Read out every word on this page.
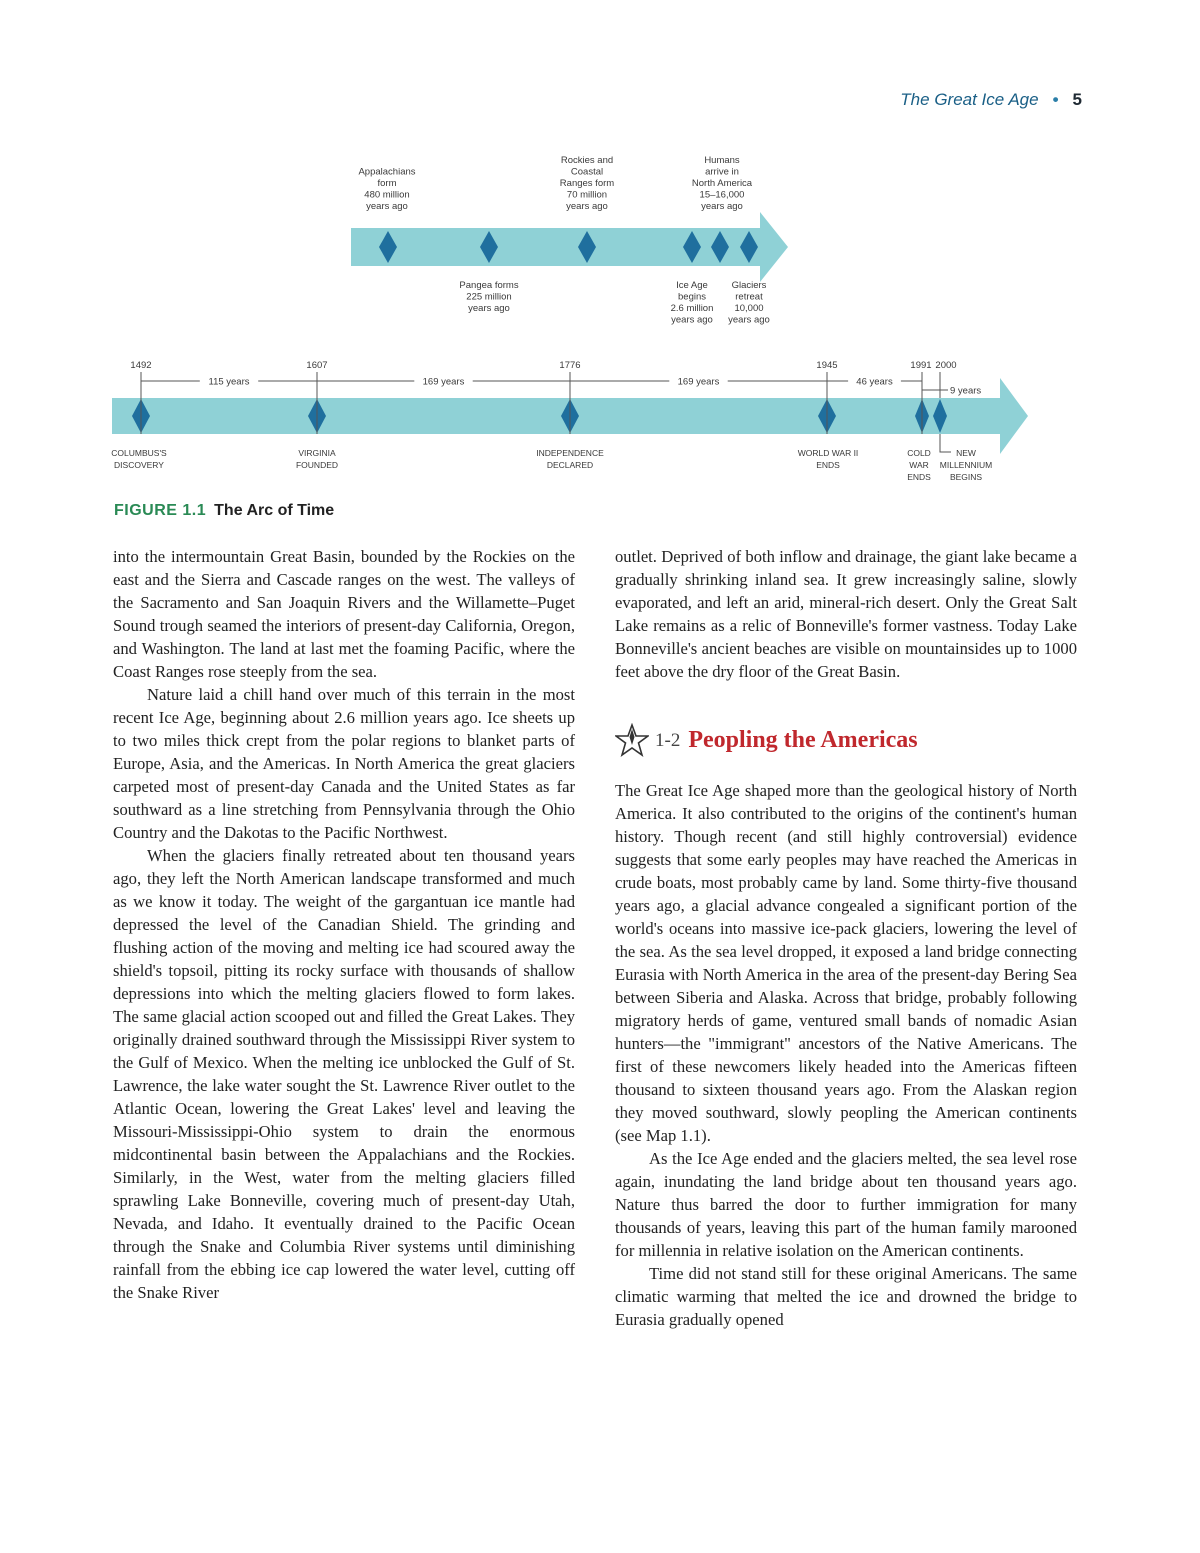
The Great Ice Age • 5
Appalachians form 480 million years ago
Rockies and Coastal Ranges form 70 million years ago
Humans arrive in North America 15–16,000 years ago
Pangea forms 225 million years ago
Ice Age begins 2.6 million years ago
Glaciers retreat 10,000 years ago
115 years	169 years	169 years	46 years
9 years
1492	1607	1776	1945	1991 2000
COLUMBUS'S DISCOVERY
VIRGINIA FOUNDED
INDEPENDENCE DECLARED
WORLD WAR II ENDS
COLD WAR ENDS
NEW MILLENNIUM BEGINS
FIGURE 1.1 The Arc of Time

into the intermountain Great Basin, bounded by the Rockies on the east and the Sierra and Cascade ranges on the west. The valleys of the Sacramento and San Joaquin Rivers and the Willamette–Puget Sound trough seamed the interiors of present-day California, Oregon, and Washington. The land at last met the foaming Pacific, where the Coast Ranges rose steeply from the sea.

Nature laid a chill hand over much of this terrain in the most recent Ice Age, beginning about 2.6 million years ago. Ice sheets up to two miles thick crept from the polar regions to blanket parts of Europe, Asia, and the Americas. In North America the great glaciers carpeted most of present-day Canada and the United States as far southward as a line stretching from Pennsylvania through the Ohio Country and the Dakotas to the Pacific Northwest.

When the glaciers finally retreated about ten thousand years ago, they left the North American landscape transformed and much as we know it today. The weight of the gargantuan ice mantle had depressed the level of the Canadian Shield. The grinding and flushing action of the moving and melting ice had scoured away the shield's topsoil, pitting its rocky surface with thousands of shallow depressions into which the melting glaciers flowed to form lakes. The same glacial action scooped out and filled the Great Lakes. They originally drained southward through the Mississippi River system to the Gulf of Mexico. When the melting ice unblocked the Gulf of St. Lawrence, the lake water sought the St. Lawrence River outlet to the Atlantic Ocean, lowering the Great Lakes' level and leaving the Missouri-Mississippi-Ohio system to drain the enormous midcontinental basin between the Appalachians and the Rockies. Similarly, in the West, water from the melting glaciers filled sprawling Lake Bonneville, covering much of present-day Utah, Nevada, and Idaho. It eventually drained to the Pacific Ocean through the Snake and Columbia River systems until diminishing rainfall from the ebbing ice cap lowered the water level, cutting off the Snake River

outlet. Deprived of both inflow and drainage, the giant lake became a gradually shrinking inland sea. It grew increasingly saline, slowly evaporated, and left an arid, mineral-rich desert. Only the Great Salt Lake remains as a relic of Bonneville's former vastness. Today Lake Bonneville's ancient beaches are visible on mountainsides up to 1000 feet above the dry floor of the Great Basin.

1-2 Peopling the Americas

The Great Ice Age shaped more than the geological history of North America. It also contributed to the origins of the continent's human history. Though recent (and still highly controversial) evidence suggests that some early peoples may have reached the Americas in crude boats, most probably came by land. Some thirty-five thousand years ago, a glacial advance congealed a significant portion of the world's oceans into massive ice-pack glaciers, lowering the level of the sea. As the sea level dropped, it exposed a land bridge connecting Eurasia with North America in the area of the present-day Bering Sea between Siberia and Alaska. Across that bridge, probably following migratory herds of game, ventured small bands of nomadic Asian hunters—the "immigrant" ancestors of the Native Americans. The first of these newcomers likely headed into the Americas fifteen thousand to sixteen thousand years ago. From the Alaskan region they moved southward, slowly peopling the American continents (see Map 1.1).

As the Ice Age ended and the glaciers melted, the sea level rose again, inundating the land bridge about ten thousand years ago. Nature thus barred the door to further immigration for many thousands of years, leaving this part of the human family marooned for millennia in relative isolation on the American continents.

Time did not stand still for these original Americans. The same climatic warming that melted the ice and drowned the bridge to Eurasia gradually opened
